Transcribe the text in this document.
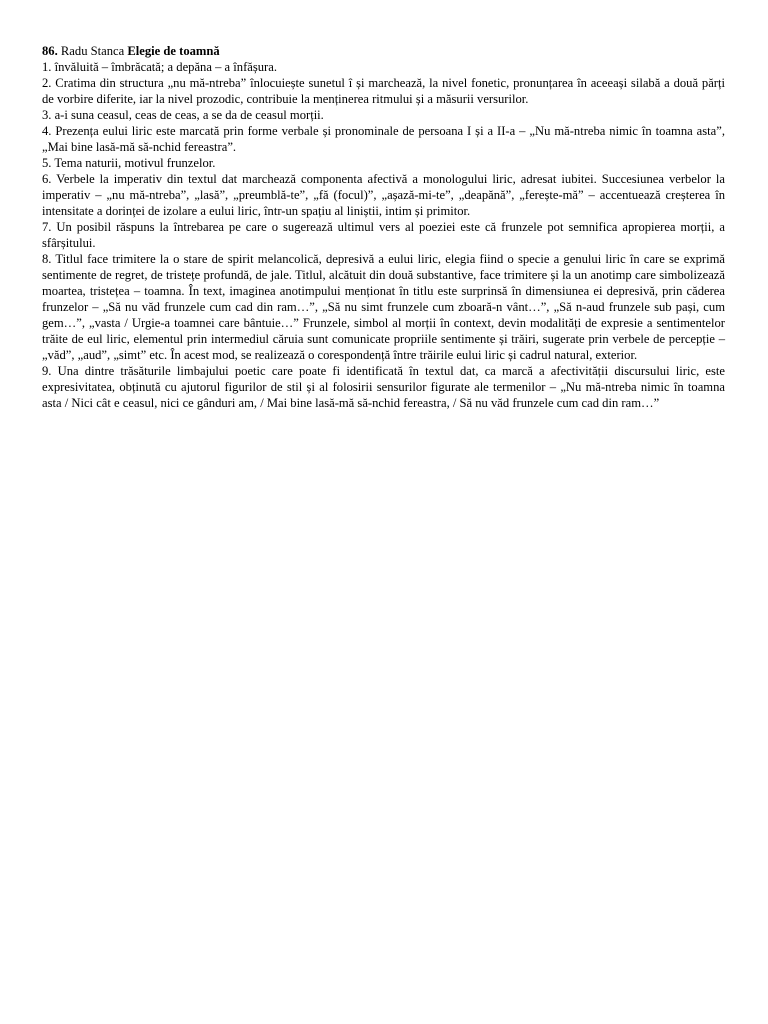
86. Radu Stanca Elegie de toamnă

1. învăluită – îmbrăcată; a depăna – a înfășura.

2. Cratima din structura „nu mă-ntreba” înlocuiește sunetul î și marchează, la nivel fonetic, pronunțarea în aceeași silabă a două părți de vorbire diferite, iar la nivel prozodic, contribuie la menținerea ritmului și a măsurii versurilor.

3. a-i suna ceasul, ceas de ceas, a se da de ceasul morții.

4. Prezența eului liric este marcată prin forme verbale și pronominale de persoana I și a II-a – „Nu mă-ntreba nimic în toamna asta”, „Mai bine lasă-mă să-nchid fereastra”.

5. Tema naturii, motivul frunzelor.

6. Verbele la imperativ din textul dat marchează componenta afectivă a monologului liric, adresat iubitei. Succesiunea verbelor la imperativ – „nu mă-ntreba”, „lasă”, „preumblă-te”, „fă (focul)”, „așază-mi-te”, „deapănă”, „ferește-mă” – accentuează creșterea în intensitate a dorinței de izolare a eului liric, într-un spațiu al liniștii, intim și primitor.

7. Un posibil răspuns la întrebarea pe care o sugerează ultimul vers al poeziei este că frunzele pot semnifica apropierea morții, a sfârșitului.

8. Titlul face trimitere la o stare de spirit melancolică, depresivă a eului liric, elegia fiind o specie a genului liric în care se exprimă sentimente de regret, de tristețe profundă, de jale. Titlul, alcătuit din două substantive, face trimitere și la un anotimp care simbolizează moartea, tristețea – toamna. În text, imaginea anotimpului menționat în titlu este surprinsă în dimensiunea ei depresivă, prin căderea frunzelor – „Să nu văd frunzele cum cad din ram…”, „Să nu simt frunzele cum zboară-n vânt…”, „Să n-aud frunzele sub pași, cum gem…”, „vasta / Urgie-a toamnei care bântuie…” Frunzele, simbol al morții în context, devin modalități de expresie a sentimentelor trăite de eul liric, elementul prin intermediul căruia sunt comunicate propriile sentimente și trăiri, sugerate prin verbele de percepție – „văd”, „aud”, „simt” etc. În acest mod, se realizează o corespondență între trăirile eului liric și cadrul natural, exterior.

9. Una dintre trăsăturile limbajului poetic care poate fi identificată în textul dat, ca marcă a afectivității discursului liric, este expresivitatea, obținută cu ajutorul figurilor de stil și al folosirii sensurilor figurate ale termenilor – „Nu mă-ntreba nimic în toamna asta / Nici cât e ceasul, nici ce gânduri am, / Mai bine lasă-mă să-nchid fereastra, / Să nu văd frunzele cum cad din ram…”
